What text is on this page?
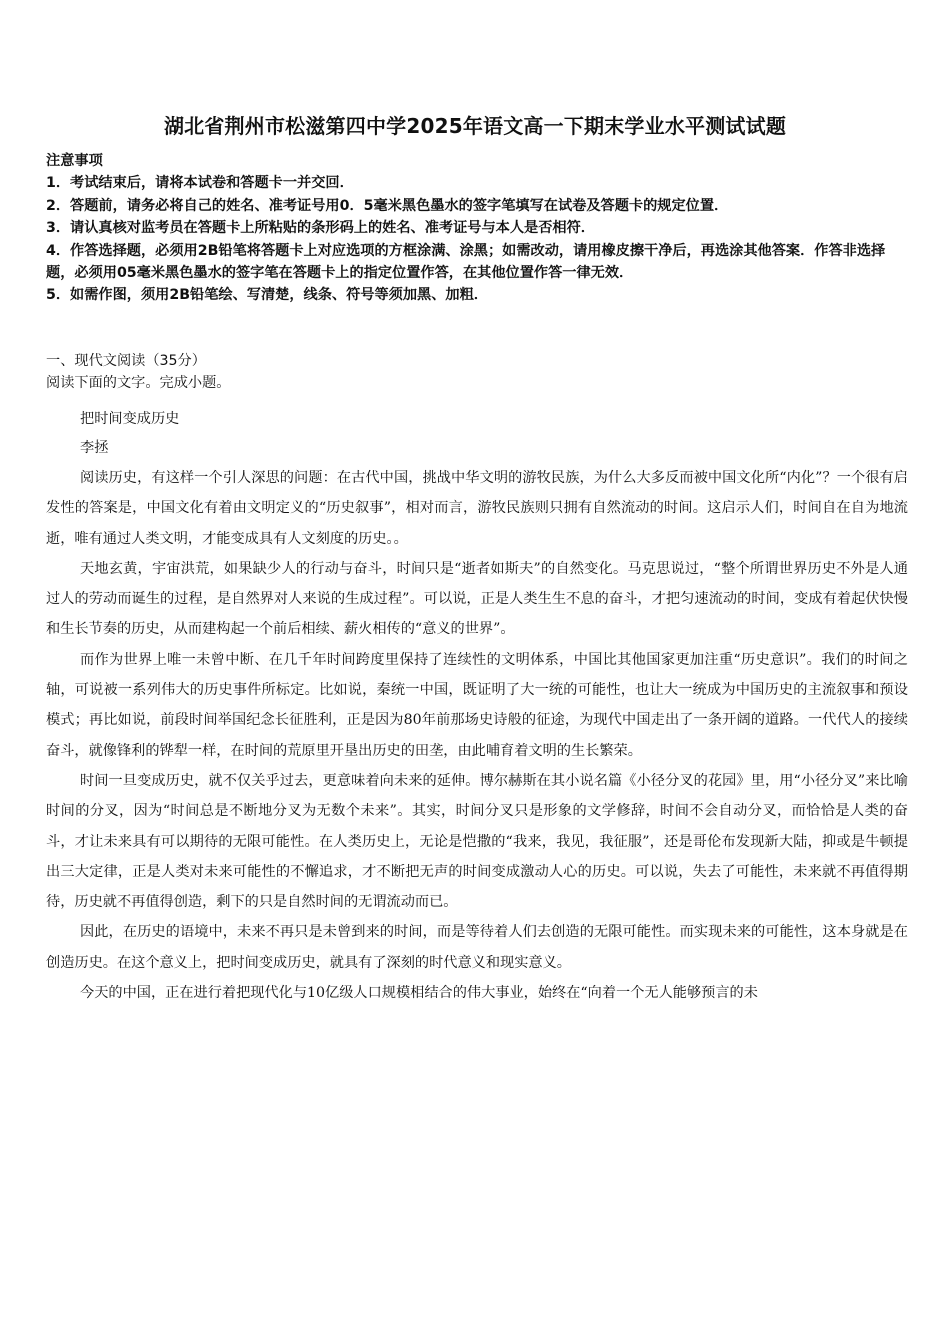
湖北省荆州市松滋第四中学2025年语文高一下期末学业水平测试试题

注意事项

1．考试结束后，请将本试卷和答题卡一并交回．

2．答题前，请务必将自己的姓名、准考证号用0．5毫米黑色墨水的签字笔填写在试卷及答题卡的规定位置．

3．请认真核对监考员在答题卡上所粘贴的条形码上的姓名、准考证号与本人是否相符．

4．作答选择题，必须用2B铅笔将答题卡上对应选项的方框涂满、涂黑；如需改动，请用橡皮擦干净后，再选涂其他答案．作答非选择题，必须用05毫米黑色墨水的签字笔在答题卡上的指定位置作答，在其他位置作答一律无效．

5．如需作图，须用2B铅笔绘、写清楚，线条、符号等须加黑、加粗．

一、现代文阅读（35分）

阅读下面的文字。完成小题。

把时间变成历史

李拯

阅读历史，有这样一个引人深思的问题：在古代中国，挑战中华文明的游牧民族，为什么大多反而被中国文化所“内化”？一个很有启发性的答案是，中国文化有着由文明定义的“历史叙事”，相对而言，游牧民族则只拥有自然流动的时间。这启示人们，时间自在自为地流逝，唯有通过人类文明，才能变成具有人文刻度的历史。。

天地玄黄，宇宙洪荒，如果缺少人的行动与奋斗，时间只是“逝者如斯夫”的自然变化。马克思说过，“整个所谓世界历史不外是人通过人的劳动而诞生的过程，是自然界对人来说的生成过程”。可以说，正是人类生生不息的奋斗，才把匀速流动的时间，变成有着起伏快慢和生长节奏的历史，从而建构起一个前后相续、薪火相传的“意义的世界”。

而作为世界上唯一未曾中断、在几千年时间跨度里保持了连续性的文明体系，中国比其他国家更加注重“历史意识”。我们的时间之轴，可说被一系列伟大的历史事件所标定。比如说，秦统一中国，既证明了大一统的可能性，也让大一统成为中国历史的主流叙事和预设模式；再比如说，前段时间举国纪念长征胜利，正是因为80年前那场史诗般的征途，为现代中国走出了一条开阔的道路。一代代人的接续奋斗，就像锋利的铧犁一样，在时间的荒原里开垦出历史的田垄，由此哺育着文明的生长繁荣。

时间一旦变成历史，就不仅关乎过去，更意味着向未来的延伸。博尔赫斯在其小说名篇《小径分叉的花园》里，用“小径分叉”来比喻时间的分叉，因为“时间总是不断地分叉为无数个未来”。其实，时间分叉只是形象的文学修辞，时间不会自动分叉，而恰恰是人类的奋斗，才让未来具有可以期待的无限可能性。在人类历史上，无论是恺撒的“我来，我见，我征服”，还是哥伦布发现新大陆，抑或是牛顿提出三大定律，正是人类对未来可能性的不懈追求，才不断把无声的时间变成激动人心的历史。可以说，失去了可能性，未来就不再值得期待，历史就不再值得创造，剩下的只是自然时间的无谓流动而已。

因此，在历史的语境中，未来不再只是未曾到来的时间，而是等待着人们去创造的无限可能性。而实现未来的可能性，这本身就是在创造历史。在这个意义上，把时间变成历史，就具有了深刻的时代意义和现实意义。

今天的中国，正在进行着把现代化与10亿级人口规模相结合的伟大事业，始终在“向着一个无人能够预言的未
